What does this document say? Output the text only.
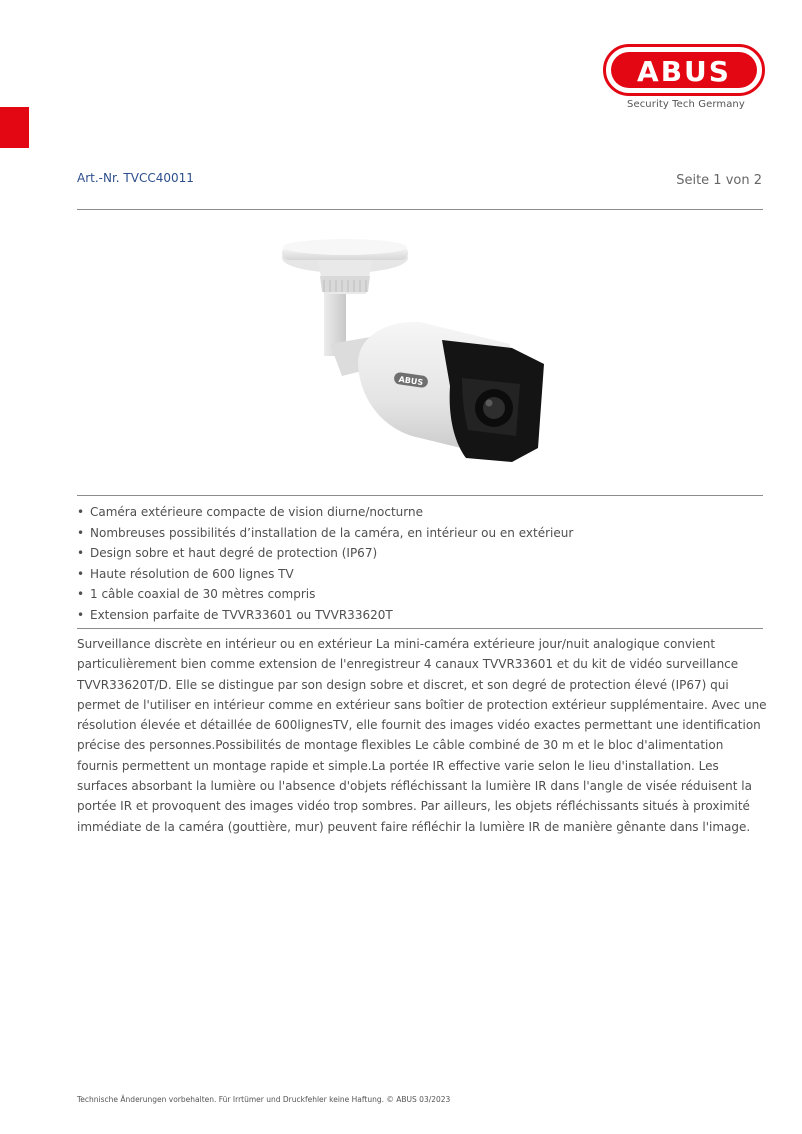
ABUS
Security Tech Germany
Art.-Nr. TVCC40011	Seite 1 von 2
ABUS
• Caméra extérieure compacte de vision diurne/nocturne
• Nombreuses possibilités d’installation de la caméra, en intérieur ou en extérieur
• Design sobre et haut degré de protection (IP67)
• Haute résolution de 600 lignes TV
• 1 câble coaxial de 30 mètres compris
• Extension parfaite de TVVR33601 ou TVVR33620T

Surveillance discrète en intérieur ou en extérieur La mini-caméra extérieure jour/nuit analogique convient particulièrement bien comme extension de l'enregistreur 4 canaux TVVR33601 et du kit de vidéo surveillance TVVR33620T/D. Elle se distingue par son design sobre et discret, et son degré de protection élevé (IP67) qui permet de l'utiliser en intérieur comme en extérieur sans boîtier de protection extérieur supplémentaire. Avec une résolution élevée et détaillée de 600lignesTV, elle fournit des images vidéo exactes permettant une identification précise des personnes.Possibilités de montage flexibles Le câble combiné de 30 m et le bloc d'alimentation fournis permettent un montage rapide et simple.La portée IR effective varie selon le lieu d'installation. Les surfaces absorbant la lumière ou l'absence d'objets réfléchissant la lumière IR dans l'angle de visée réduisent la portée IR et provoquent des images vidéo trop sombres. Par ailleurs, les objets réfléchissants situés à proximité immédiate de la caméra (gouttière, mur) peuvent faire réfléchir la lumière IR de manière gênante dans l'image.

Technische Änderungen vorbehalten. Für Irrtümer und Druckfehler keine Haftung. © ABUS 03/2023
